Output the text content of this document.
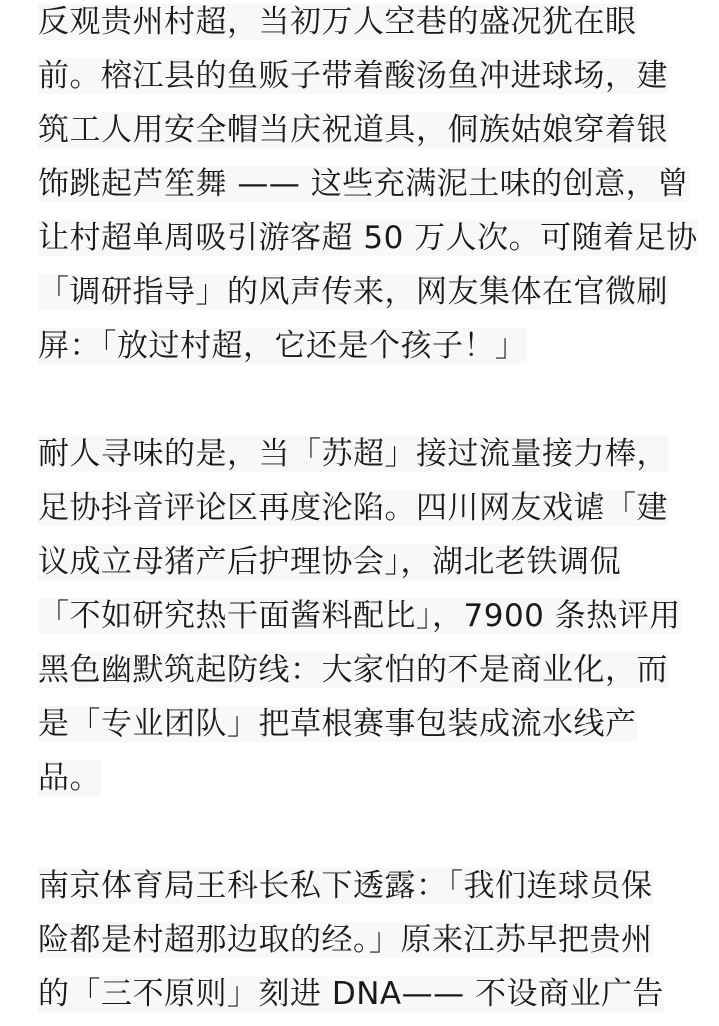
反观贵州村超，当初万人空巷的盛况犹在眼
前。榕江县的鱼贩子带着酸汤鱼冲进球场，建
筑工人用安全帽当庆祝道具，侗族姑娘穿着银
饰跳起芦笙舞 —— 这些充满泥土味的创意，曾
让村超单周吸引游客超 50 万人次。可随着足协
「调研指导」的风声传来，网友集体在官微刷
屏：「放过村超，它还是个孩子！」
耐人寻味的是，当「苏超」接过流量接力棒，
足协抖音评论区再度沦陷。四川网友戏谑「建
议成立母猪产后护理协会」，湖北老铁调侃
「不如研究热干面酱料配比」，7900 条热评用
黑色幽默筑起防线：大家怕的不是商业化，而
是「专业团队」把草根赛事包装成流水线产
品。
南京体育局王科长私下透露：「我们连球员保
险都是村超那边取的经。」原来江苏早把贵州
的「三不原则」刻进 DNA—— 不设商业广告
